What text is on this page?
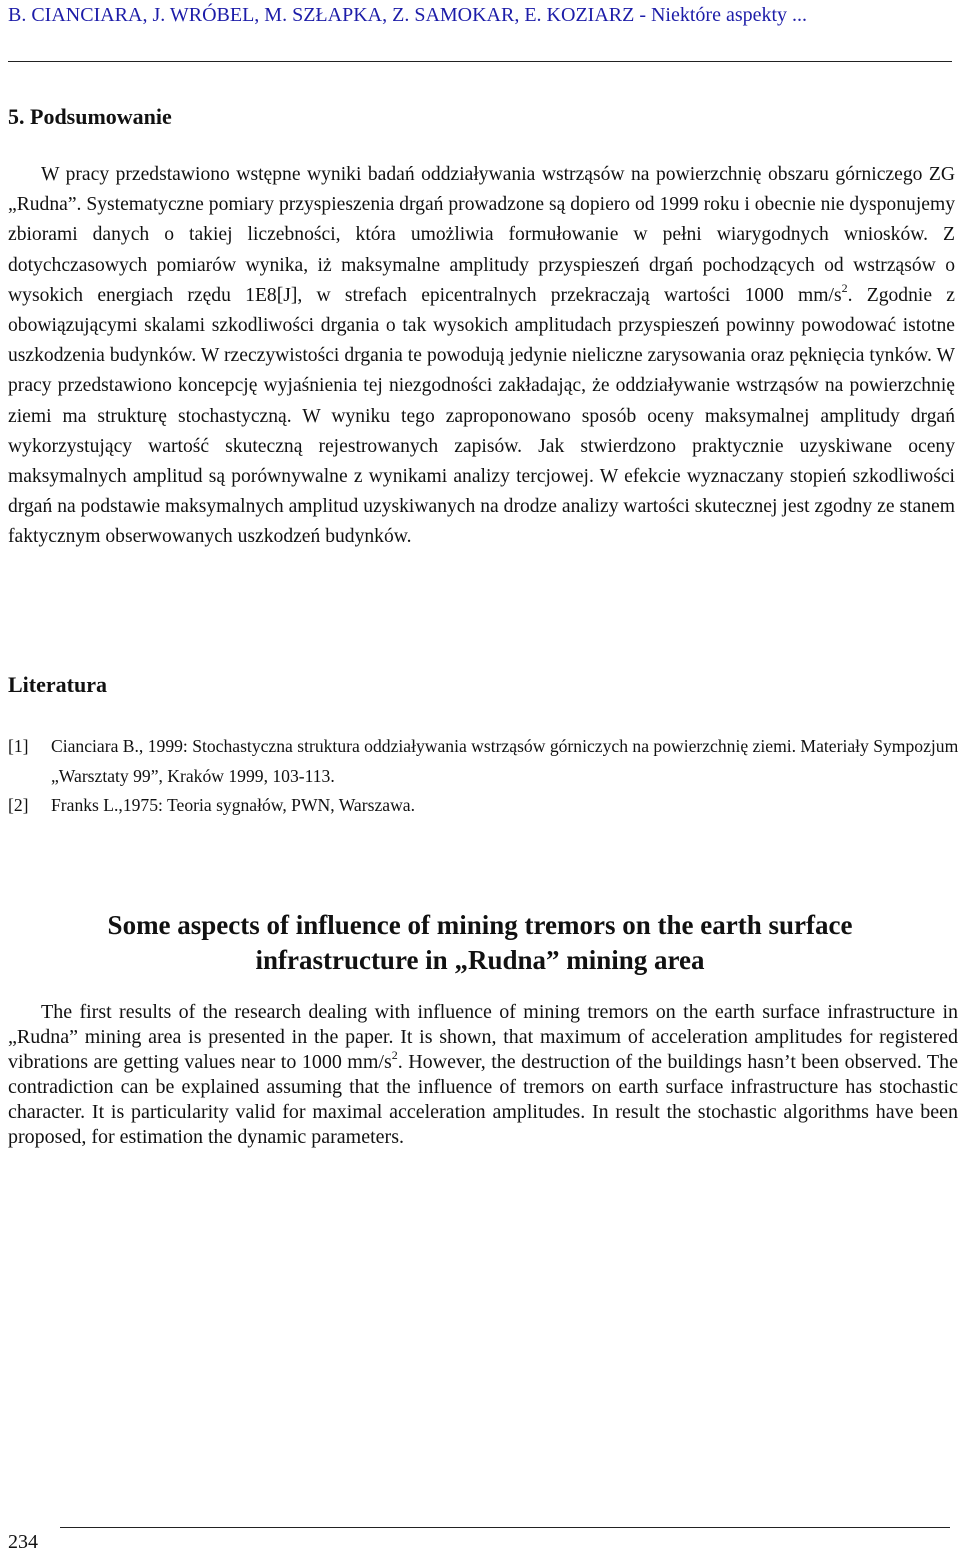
B. CIANCIARA, J. WRÓBEL, M. SZŁAPKA, Z. SAMOKAR, E. KOZIARZ - Niektóre aspekty ...
5. Podsumowanie

W pracy przedstawiono wstępne wyniki badań oddziaływania wstrząsów na powierzchnię obszaru górniczego ZG „Rudna”. Systematyczne pomiary przyspieszenia drgań prowadzone są dopiero od 1999 roku i obecnie nie dysponujemy zbiorami danych o takiej liczebności, która umożliwia formułowanie w pełni wiarygodnych wniosków. Z dotychczasowych pomiarów wynika, iż maksymalne amplitudy przyspieszeń drgań pochodzących od wstrząsów o wysokich energiach rzędu 1E8[J], w strefach epicentralnych przekraczają wartości 1000 $mm/s^2$. Zgodnie z obowiązującymi skalami szkodliwości drgania o tak wysokich amplitudach przyspieszeń powinny powodować istotne uszkodzenia budynków. W rzeczywistości drgania te powodują jedynie nieliczne zarysowania oraz pęknięcia tynków. W pracy przedstawiono koncepcję wyjaśnienia tej niezgodności zakładając, że oddziaływanie wstrząsów na powierzchnię ziemi ma strukturę stochastyczną. W wyniku tego zaproponowano sposób oceny maksymalnej amplitudy drgań wykorzystujący wartość skuteczną rejestrowanych zapisów. Jak stwierdzono praktycznie uzyskiwane oceny maksymalnych amplitud są porównywalne z wynikami analizy tercjowej. W efekcie wyznaczany stopień szkodliwości drgań na podstawie maksymalnych amplitud uzyskiwanych na drodze analizy wartości skutecznej jest zgodny ze stanem faktycznym obserwowanych uszkodzeń budynków.

Literatura
[1] Cianciara B., 1999: Stochastyczna struktura oddziaływania wstrząsów górniczych na powierzchnię ziemi. Materiały Sympozjum „Warsztaty 99”, Kraków 1999, 103-113.
[2] Franks L.,1975: Teoria sygnałów, PWN, Warszawa.
Some aspects of influence of mining tremors on the earth surface
infrastructure in „Rudna” mining area

The first results of the research dealing with influence of mining tremors on the earth surface infrastructure in „Rudna” mining area is presented in the paper. It is shown, that maximum of acceleration amplitudes for registered vibrations are getting values near to 1000 $mm/s^2$. However, the destruction of the buildings hasn’t been observed. The contradiction can be explained assuming that the influence of tremors on earth surface infrastructure has stochastic character. It is particularity valid for maximal acceleration amplitudes. In result the stochastic algorithms have been proposed, for estimation the dynamic parameters.

234
